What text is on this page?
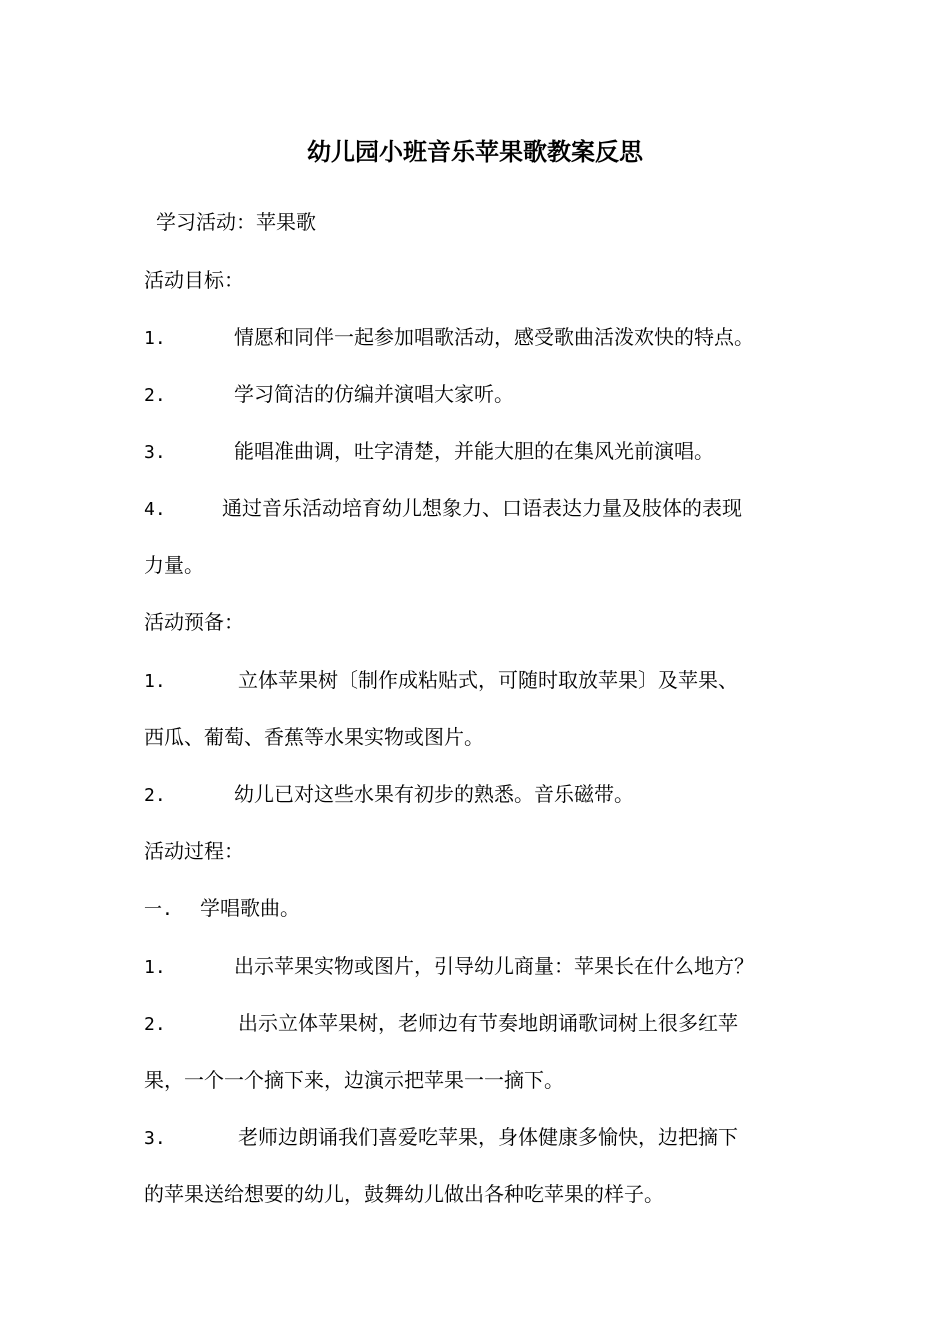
幼儿园小班音乐苹果歌教案反思

学习活动：苹果歌

活动目标：

1.	情愿和同伴一起参加唱歌活动，感受歌曲活泼欢快的特点。

2.	学习简洁的仿编并演唱大家听。

3.	能唱准曲调，吐字清楚，并能大胆的在集风光前演唱。

4.	通过音乐活动培育幼儿想象力、口语表达力量及肢体的表现

力量。

活动预备：

1.	立体苹果树〔制作成粘贴式，可随时取放苹果〕及苹果、

西瓜、葡萄、香蕉等水果实物或图片。

2.	幼儿已对这些水果有初步的熟悉。音乐磁带。

活动过程：

一. 学唱歌曲。

1.	出示苹果实物或图片，引导幼儿商量：苹果长在什么地方？

2.	出示立体苹果树，老师边有节奏地朗诵歌词树上很多红苹

果，一个一个摘下来，边演示把苹果一一摘下。

3.	老师边朗诵我们喜爱吃苹果，身体健康多愉快，边把摘下

的苹果送给想要的幼儿，鼓舞幼儿做出各种吃苹果的样子。
